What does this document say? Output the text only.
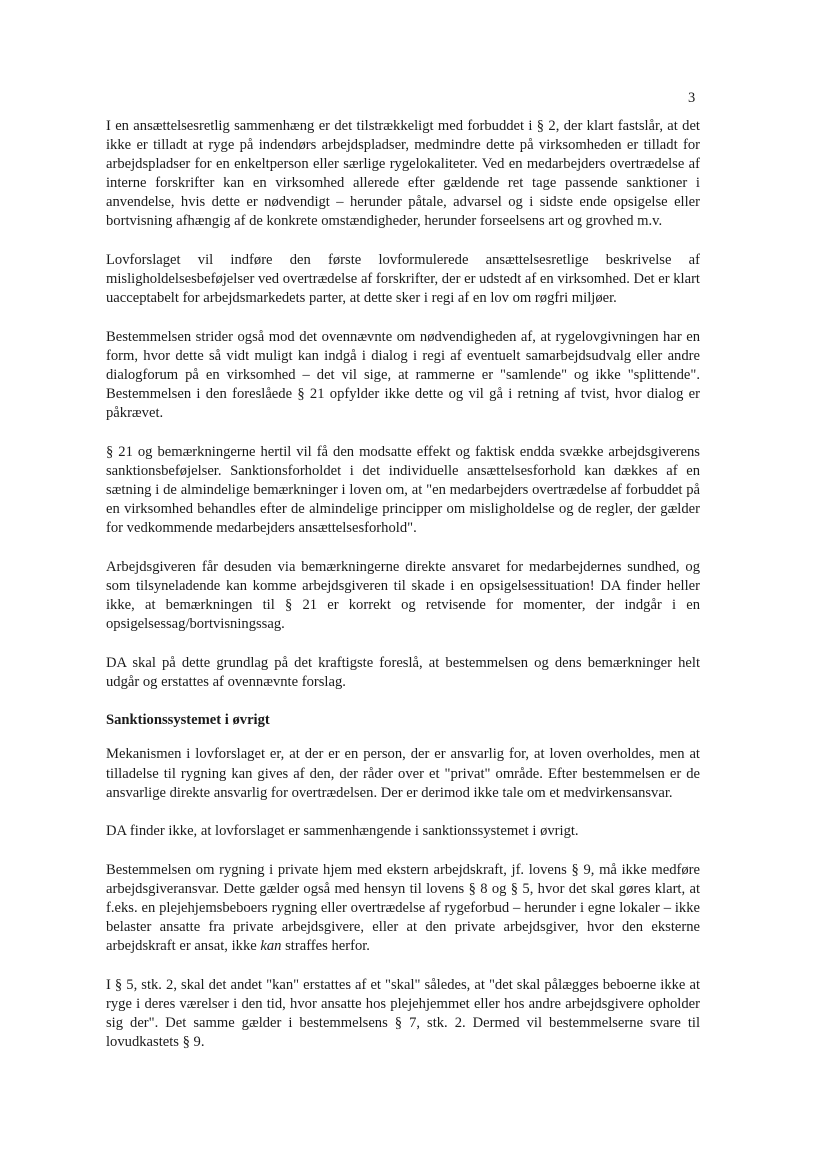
3

I en ansættelsesretlig sammenhæng er det tilstrækkeligt med forbuddet i § 2, der klart fastslår, at det ikke er tilladt at ryge på indendørs arbejdspladser, medmindre dette på virksomheden er tilladt for arbejdspladser for en enkeltperson eller særlige rygelokaliteter. Ved en medarbejders overtrædelse af interne forskrifter kan en virksomhed allerede efter gældende ret tage passende sanktioner i anvendelse, hvis dette er nødvendigt – herunder påtale, advarsel og i sidste ende opsigelse eller bortvisning afhængig af de konkrete omstændigheder, herunder forseelsens art og grovhed m.v.

Lovforslaget vil indføre den første lovformulerede ansættelsesretlige beskrivelse af misligholdelsesbeføjelser ved overtrædelse af forskrifter, der er udstedt af en virksomhed. Det er klart uacceptabelt for arbejdsmarkedets parter, at dette sker i regi af en lov om røgfri miljøer.

Bestemmelsen strider også mod det ovennævnte om nødvendigheden af, at rygelovgivningen har en form, hvor dette så vidt muligt kan indgå i dialog i regi af eventuelt samarbejdsudvalg eller andre dialogforum på en virksomhed – det vil sige, at rammerne er "samlende" og ikke "splittende". Bestemmelsen i den foreslåede § 21 opfylder ikke dette og vil gå i retning af tvist, hvor dialog er påkrævet.

§ 21 og bemærkningerne hertil vil få den modsatte effekt og faktisk endda svække arbejdsgiverens sanktionsbeføjelser. Sanktionsforholdet i det individuelle ansættelsesforhold kan dækkes af en sætning i de almindelige bemærkninger i loven om, at "en medarbejders overtrædelse af forbuddet på en virksomhed behandles efter de almindelige principper om misligholdelse og de regler, der gælder for vedkommende medarbejders ansættelsesforhold".

Arbejdsgiveren får desuden via bemærkningerne direkte ansvaret for medarbejdernes sundhed, og som tilsyneladende kan komme arbejdsgiveren til skade i en opsigelsessituation! DA finder heller ikke, at bemærkningen til § 21 er korrekt og retvisende for momenter, der indgår i en opsigelsessag/bortvisningssag.

DA skal på dette grundlag på det kraftigste foreslå, at bestemmelsen og dens bemærkninger helt udgår og erstattes af ovennævnte forslag.

Sanktionssystemet i øvrigt

Mekanismen i lovforslaget er, at der er en person, der er ansvarlig for, at loven overholdes, men at tilladelse til rygning kan gives af den, der råder over et "privat" område. Efter bestemmelsen er de ansvarlige direkte ansvarlig for overtrædelsen. Der er derimod ikke tale om et medvirkensansvar.

DA finder ikke, at lovforslaget er sammenhængende i sanktionssystemet i øvrigt.

Bestemmelsen om rygning i private hjem med ekstern arbejdskraft, jf. lovens § 9, må ikke medføre arbejdsgiveransvar. Dette gælder også med hensyn til lovens § 8 og § 5, hvor det skal gøres klart, at f.eks. en plejehjemsbeboers rygning eller overtrædelse af rygeforbud – herunder i egne lokaler – ikke belaster ansatte fra private arbejdsgivere, eller at den private arbejdsgiver, hvor den eksterne arbejdskraft er ansat, ikke kan straffes herfor.

I § 5, stk. 2, skal det andet "kan" erstattes af et "skal" således, at "det skal pålægges beboerne ikke at ryge i deres værelser i den tid, hvor ansatte hos plejehjemmet eller hos andre arbejdsgivere opholder sig der". Det samme gælder i bestemmelsens § 7, stk. 2. Dermed vil bestemmelserne svare til lovudkastets § 9.
